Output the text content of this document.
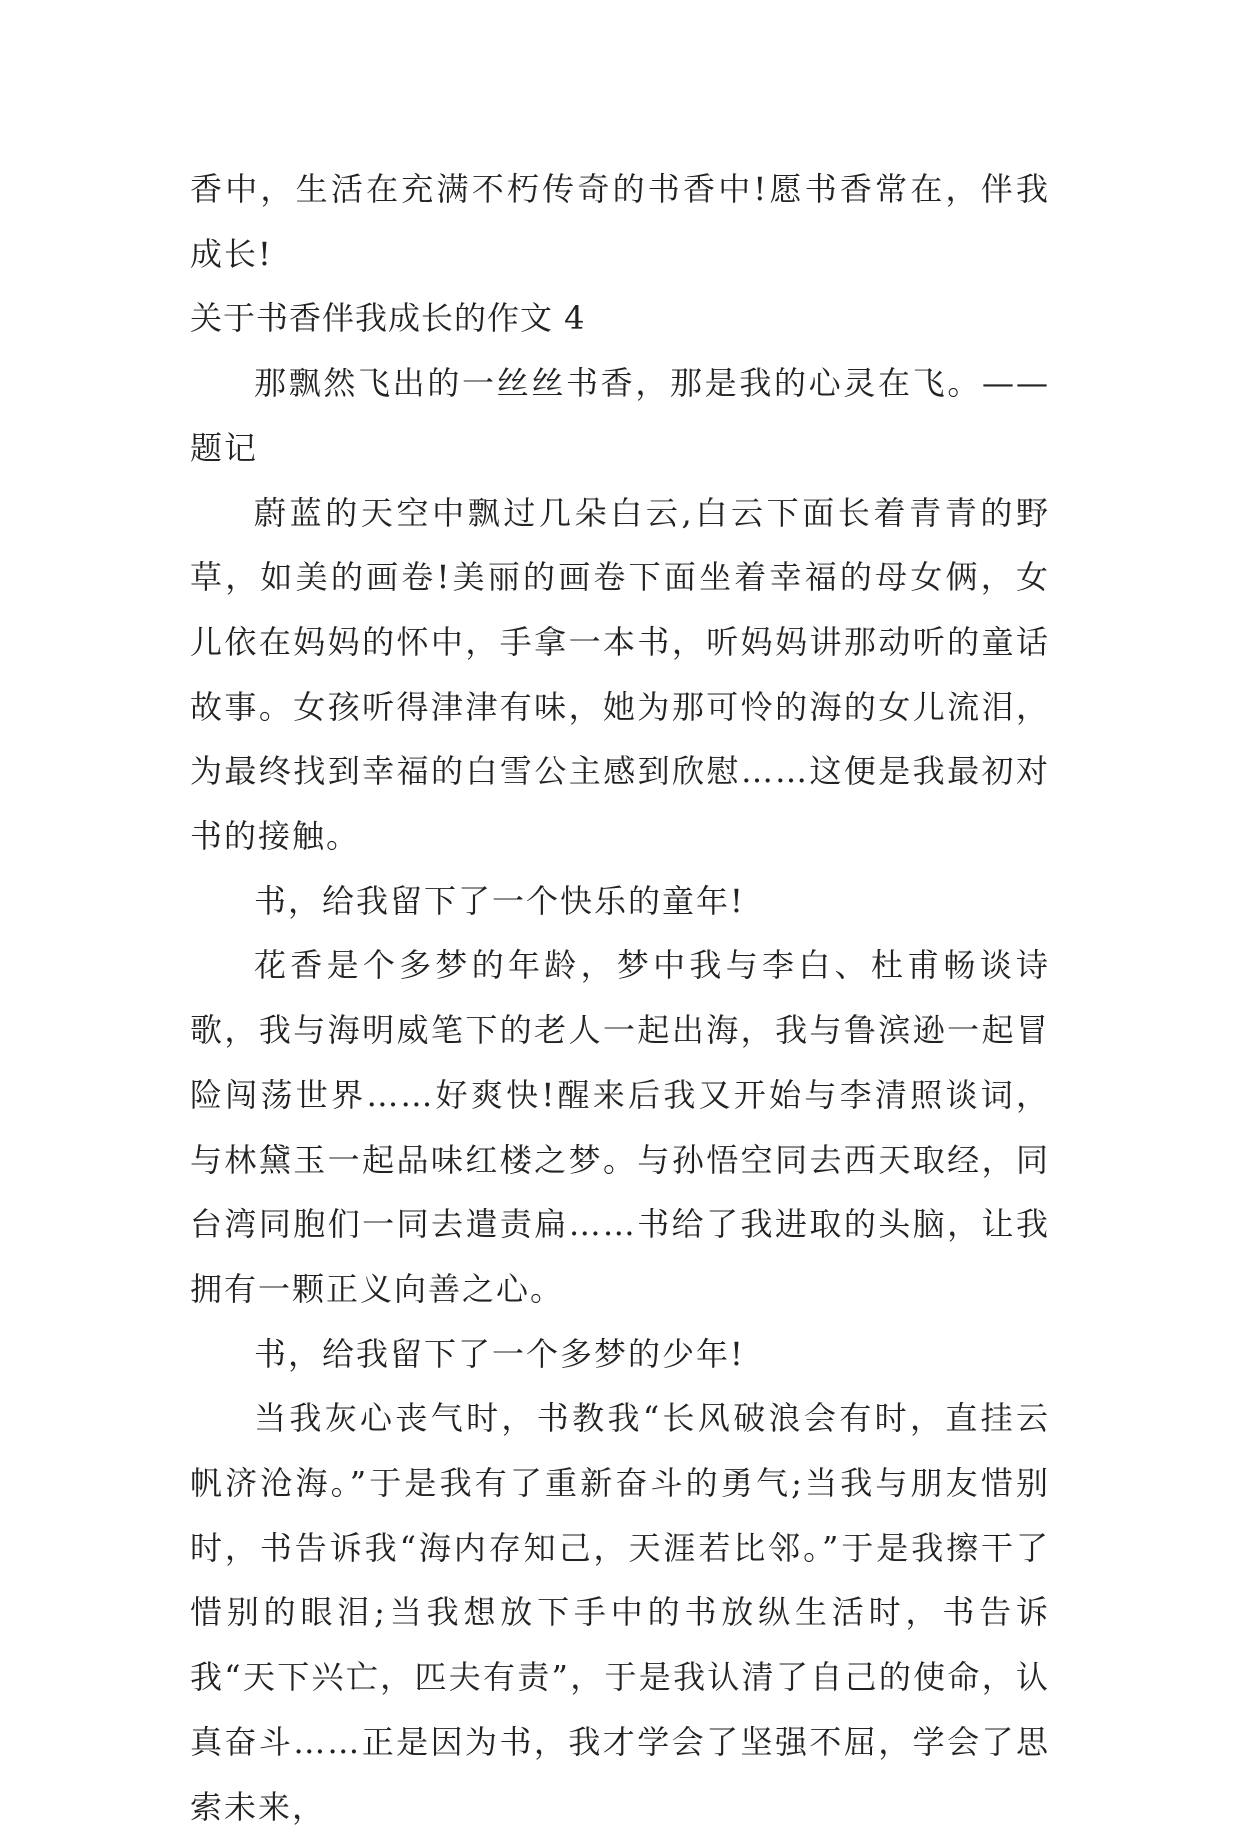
香中，生活在充满不朽传奇的书香中!愿书香常在，伴我成长!

关于书香伴我成长的作文 4

那飘然飞出的一丝丝书香，那是我的心灵在飞。——题记

蔚蓝的天空中飘过几朵白云,白云下面长着青青的野草，如美的画卷!美丽的画卷下面坐着幸福的母女俩，女儿依在妈妈的怀中，手拿一本书，听妈妈讲那动听的童话故事。女孩听得津津有味，她为那可怜的海的女儿流泪，为最终找到幸福的白雪公主感到欣慰……这便是我最初对书的接触。

书，给我留下了一个快乐的童年!

花香是个多梦的年龄，梦中我与李白、杜甫畅谈诗歌，我与海明威笔下的老人一起出海，我与鲁滨逊一起冒险闯荡世界……好爽快!醒来后我又开始与李清照谈词，与林黛玉一起品味红楼之梦。与孙悟空同去西天取经，同台湾同胞们一同去遣责扁……书给了我进取的头脑，让我拥有一颗正义向善之心。

书，给我留下了一个多梦的少年!

当我灰心丧气时，书教我“长风破浪会有时，直挂云帆济沧海。”于是我有了重新奋斗的勇气;当我与朋友惜别时，书告诉我“海内存知己，天涯若比邻。”于是我擦干了惜别的眼泪;当我想放下手中的书放纵生活时，书告诉我“天下兴亡，匹夫有责”，于是我认清了自己的使命，认真奋斗……正是因为书，我才学会了坚强不屈，学会了思索未来，
